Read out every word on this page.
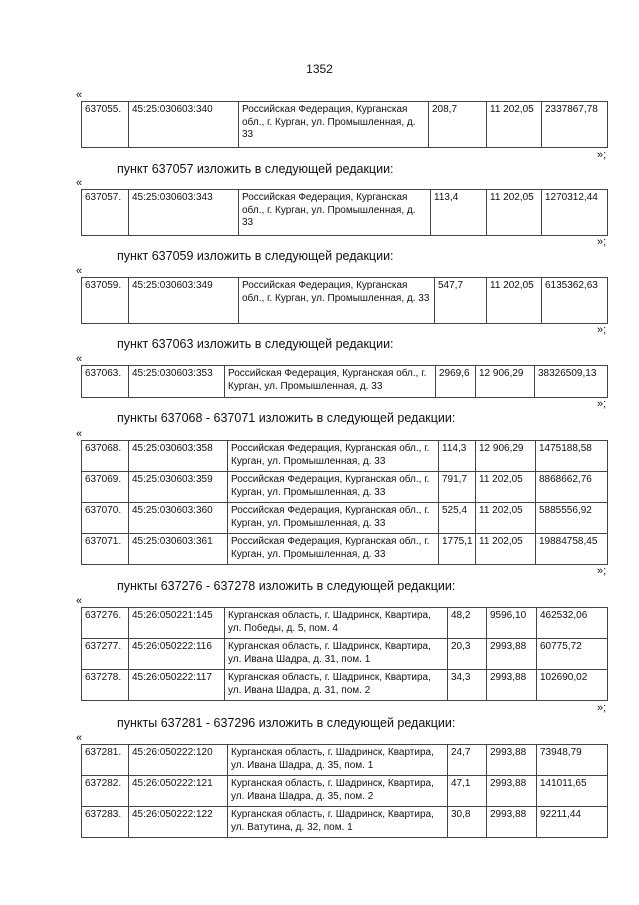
1352
«
637055.	45:25:030603:340	Российская Федерация, Курганская обл., г. Курган, ул. Промышленная, д. 33	208,7	11 202,05	2337867,78
»;
пункт 637057 изложить в следующей редакции:
«
637057.	45:25:030603:343	Российская Федерация, Курганская обл., г. Курган, ул. Промышленная, д. 33	113,4	11 202,05	1270312,44
»;
пункт 637059 изложить в следующей редакции:
«
637059.	45:25:030603:349	Российская Федерация, Курганская обл., г. Курган, ул. Промышленная, д. 33	547,7	11 202,05	6135362,63
»;
пункт 637063 изложить в следующей редакции:
«
637063.	45:25:030603:353	Российская Федерация, Курганская обл., г. Курган, ул. Промышленная, д. 33	2969,6	12 906,29	38326509,13
»;
пункты 637068 - 637071 изложить в следующей редакции:
«
637068.	45:25:030603:358	Российская Федерация, Курганская обл., г. Курган, ул. Промышленная, д. 33	114,3	12 906,29	1475188,58
637069.	45:25:030603:359	Российская Федерация, Курганская обл., г. Курган, ул. Промышленная, д. 33	791,7	11 202,05	8868662,76
637070.	45:25:030603:360	Российская Федерация, Курганская обл., г. Курган, ул. Промышленная, д. 33	525,4	11 202,05	5885556,92
637071.	45:25:030603:361	Российская Федерация, Курганская обл., г. Курган, ул. Промышленная, д. 33	1775,1	11 202,05	19884758,45
»;
пункты 637276 - 637278 изложить в следующей редакции:
«
637276.	45:26:050221:145	Курганская область, г. Шадринск, Квартира, ул. Победы, д. 5, пом. 4	48,2	9596,10	462532,06
637277.	45:26:050222:116	Курганская область, г. Шадринск, Квартира, ул. Ивана Шадра, д. 31, пом. 1	20,3	2993,88	60775,72
637278.	45:26:050222:117	Курганская область, г. Шадринск, Квартира, ул. Ивана Шадра, д. 31, пом. 2	34,3	2993,88	102690,02
»;
пункты 637281 - 637296 изложить в следующей редакции:
«
637281.	45:26:050222:120	Курганская область, г. Шадринск, Квартира, ул. Ивана Шадра, д. 35, пом. 1	24,7	2993,88	73948,79
637282.	45:26:050222:121	Курганская область, г. Шадринск, Квартира, ул. Ивана Шадра, д. 35, пом. 2	47,1	2993,88	141011,65
637283.	45:26:050222:122	Курганская область, г. Шадринск, Квартира, ул. Ватутина, д. 32, пом. 1	30,8	2993,88	92211,44
